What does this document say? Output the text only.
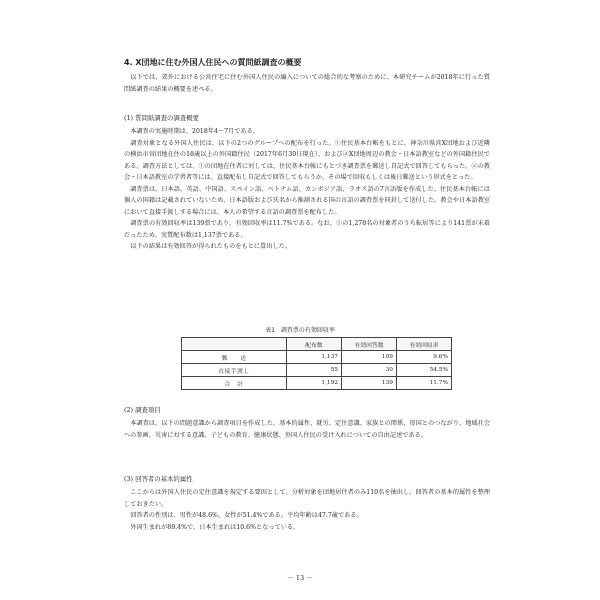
4. X団地に住む外国人住民への質問紙調査の概要

以下では、郊外における公営住宅に住む外国人住民の編入についての総合的な考察のために、本研究チームが2018年に行った質問紙調査の結果の概要を述べる。

(1) 質問紙調査の調査概要

本調査の実施時期は、2018年4～7月である。

調査対象となる外国人住民は、以下の2つのグループへの配布を行った。①住民基本台帳をもとに、神奈川県営X団地および近隣の横浜市営団地在住の18歳以上の外国籍住民（2017年6月30日現在）、および②X団地周辺の教会・日本語教室などの外国籍住民である。調査方法としては、①の団地在住者に対しては、住民基本台帳にもとづき調査票を郵送し自記式で回答してもらった。②の教会・日本語教室の学習者等には、直接配布し自記式で回答してもらうか、その場で回収もしくは後日郵送という形式をとった。

調査票は、日本語、英語、中国語、スペイン語、ベトナム語、カンボジア語、ラオス語の7言語版を作成した。住民基本台帳には個人の国籍は記載されていないため、日本語版および氏名から推測される国の言語の調査票を同封して送付した。教会や日本語教室において直接手渡しする場合には、本人の希望する言語の調査票を配布した。

調査票の有効回収率は139票であり、有効回収率は11.7%である。なお、①の1,278名の対象者のうち転居等により141票が未着だったため、実質配布数は1,137票である。

以下の結果は有効回答が得られたものをもとに算出した。

表1　調査票の有効回収率
	配布数	有効回答数	有効回収率
郵　　送	1,137	109	9.6%
直接手渡し	55	30	54.5%
合　計	1,192	139	11.7%
(2) 調査項目

本調査は、以下の問題意識から調査項目を作成した。基本的属性、就労、定住意識、家族との関係、母国とのつながり、地域社会への参画、災害に対する意識、子どもの教育、健康状態、外国人住民の受け入れについての自由記述である。

(3) 回答者の基本的属性

ここからは外国人住民の定住意識を規定する要因として、分析対象を団地居住者のみ110名を抽出し、回答者の基本的属性を整理しておきたい。

回答者の性別は、男性が48.6%、女性が51.4%である。平均年齢は47.7歳である。

外国生まれが89.4%で、日本生まれは10.6%となっている。

－ 13 －
